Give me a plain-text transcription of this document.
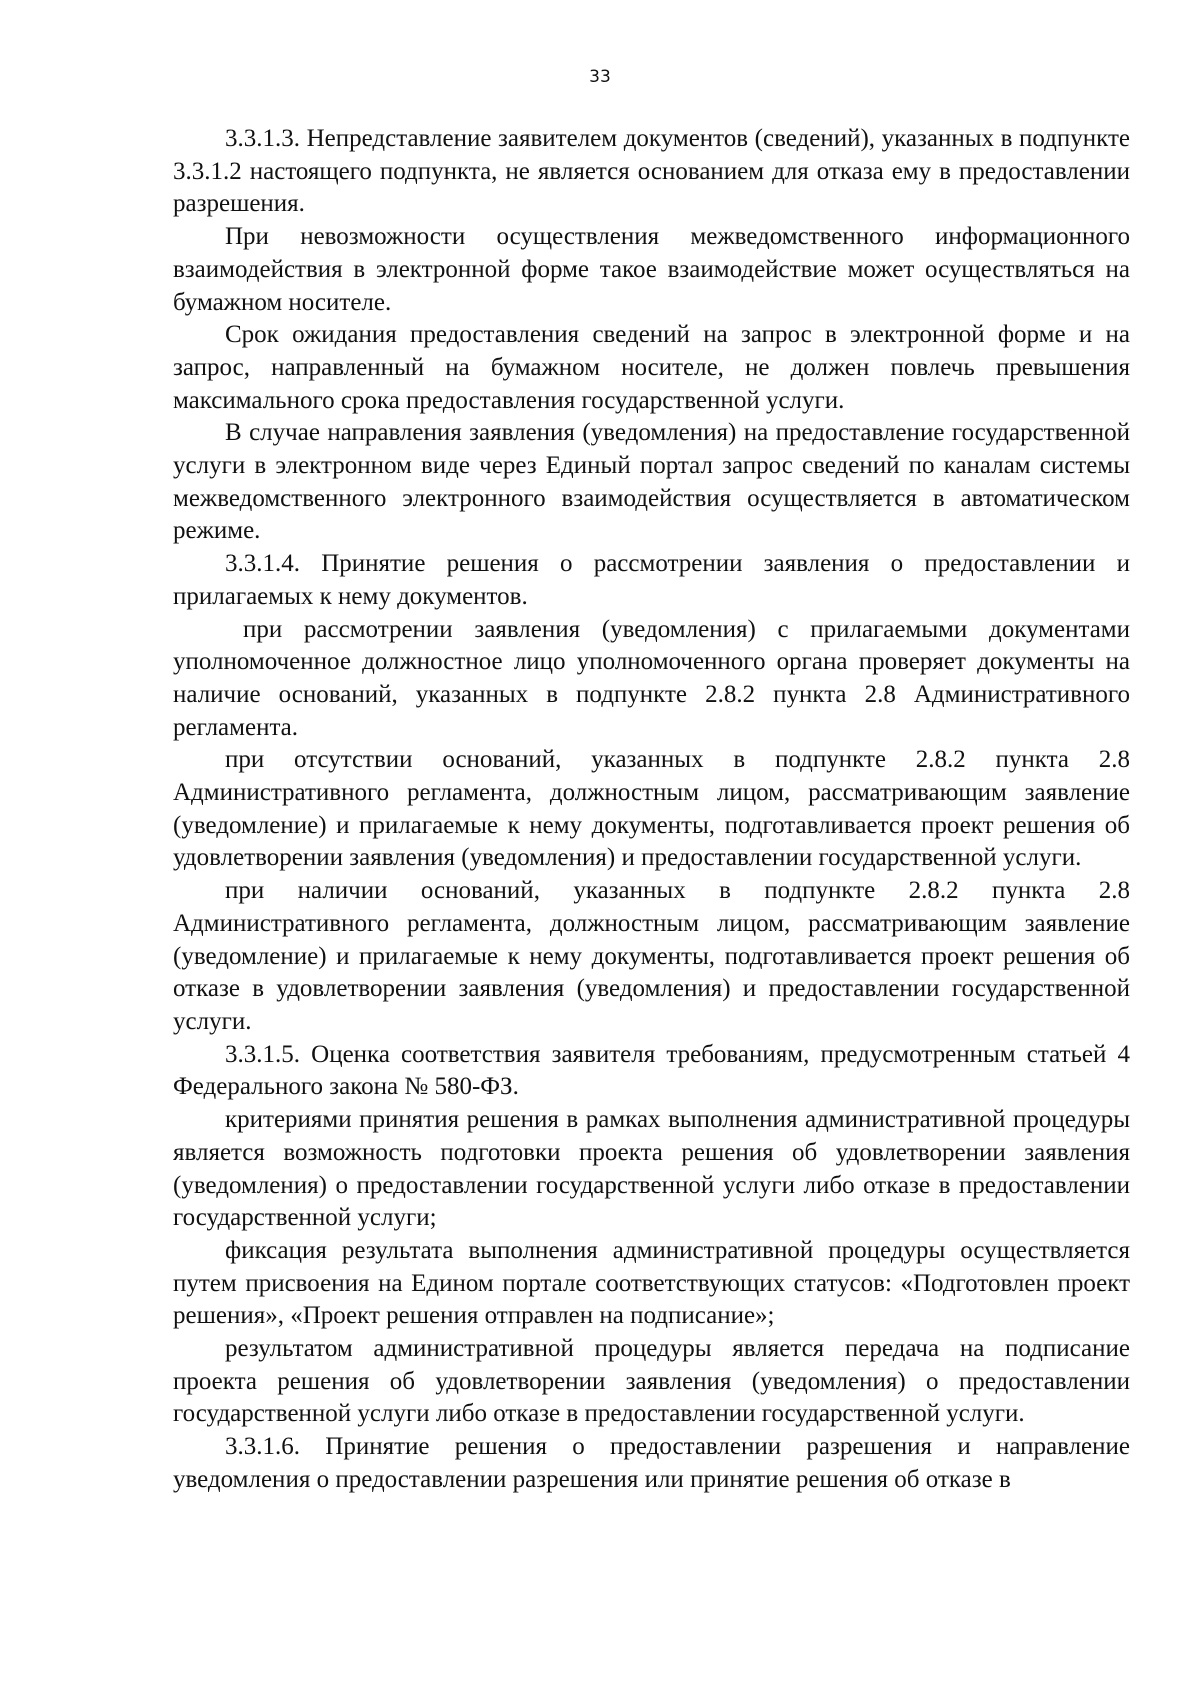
33

3.3.1.3. Непредставление заявителем документов (сведений), указанных в подпункте 3.3.1.2 настоящего подпункта, не является основанием для отказа ему в предоставлении разрешения.

При невозможности осуществления межведомственного информационного взаимодействия в электронной форме такое взаимодействие может осуществляться на бумажном носителе.

Срок ожидания предоставления сведений на запрос в электронной форме и на запрос, направленный на бумажном носителе, не должен повлечь превышения максимального срока предоставления государственной услуги.

В случае направления заявления (уведомления) на предоставление государственной услуги в электронном виде через Единый портал запрос сведений по каналам системы межведомственного электронного взаимодействия осуществляется в автоматическом режиме.

3.3.1.4. Принятие решения о рассмотрении заявления о предоставлении и прилагаемых к нему документов.

при рассмотрении заявления (уведомления) с прилагаемыми документами уполномоченное должностное лицо уполномоченного органа проверяет документы на наличие оснований, указанных в подпункте 2.8.2 пункта 2.8 Административного регламента.

при отсутствии оснований, указанных в подпункте 2.8.2 пункта 2.8 Административного регламента, должностным лицом, рассматривающим заявление (уведомление) и прилагаемые к нему документы, подготавливается проект решения об удовлетворении заявления (уведомления) и предоставлении государственной услуги.

при наличии оснований, указанных в подпункте 2.8.2 пункта 2.8 Административного регламента, должностным лицом, рассматривающим заявление (уведомление) и прилагаемые к нему документы, подготавливается проект решения об отказе в удовлетворении заявления (уведомления) и предоставлении государственной услуги.

3.3.1.5. Оценка соответствия заявителя требованиям, предусмотренным статьей 4 Федерального закона № 580-ФЗ.

критериями принятия решения в рамках выполнения административной процедуры является возможность подготовки проекта решения об удовлетворении заявления (уведомления) о предоставлении государственной услуги либо отказе в предоставлении государственной услуги;

фиксация результата выполнения административной процедуры осуществляется путем присвоения на Едином портале соответствующих статусов: «Подготовлен проект решения», «Проект решения отправлен на подписание»;

результатом административной процедуры является передача на подписание проекта решения об удовлетворении заявления (уведомления) о предоставлении государственной услуги либо отказе в предоставлении государственной услуги.

3.3.1.6. Принятие решения о предоставлении разрешения и направление уведомления о предоставлении разрешения или принятие решения об отказе в
